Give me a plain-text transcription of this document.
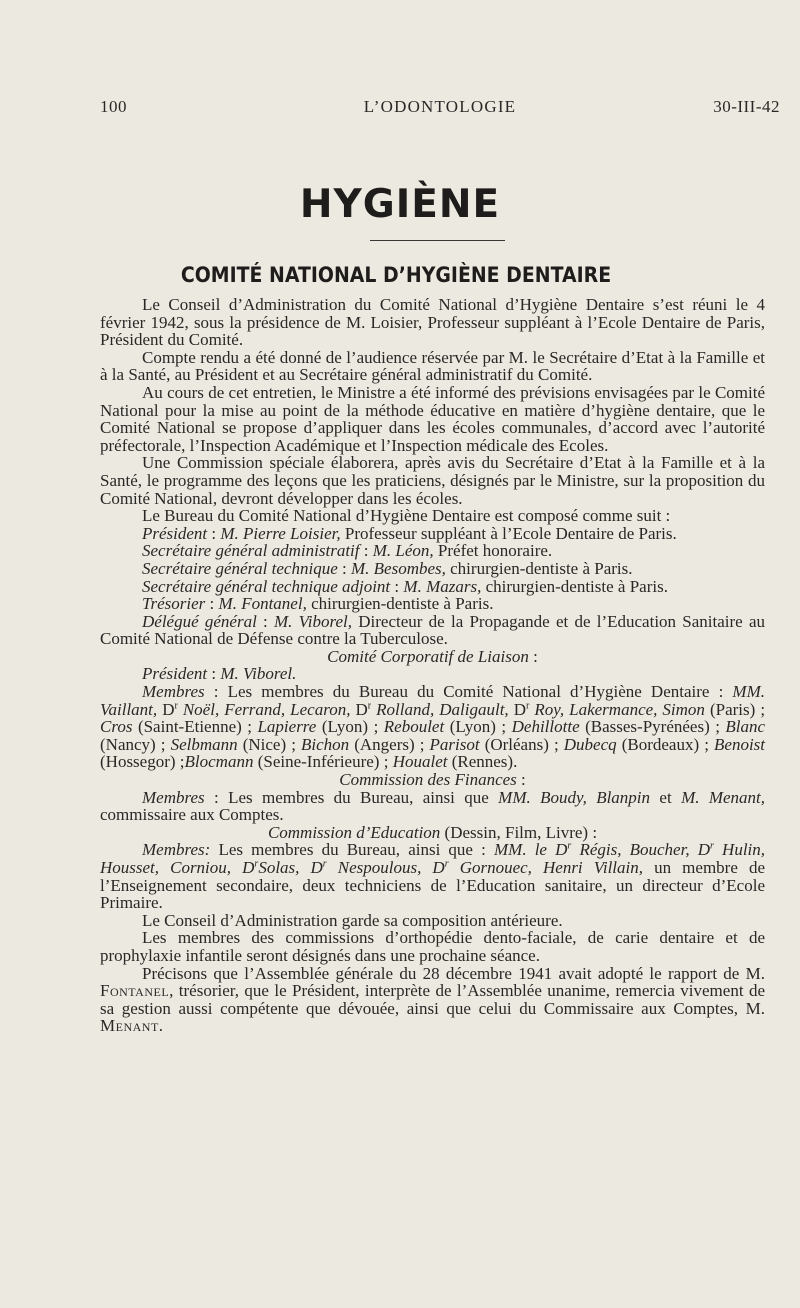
100	L’ODONTOLOGIE	30-III-42
HYGIÈNE
COMITÉ NATIONAL D’HYGIÈNE DENTAIRE

Le Conseil d’Administration du Comité National d’Hygiène Dentaire s’est réuni le 4 février 1942, sous la présidence de M. Loisier, Professeur suppléant à l’Ecole Dentaire de Paris, Président du Comité.

Compte rendu a été donné de l’audience réservée par M. le Secrétaire d’Etat à la Famille et à la Santé, au Président et au Secrétaire général administratif du Comité.

Au cours de cet entretien, le Ministre a été informé des prévisions envisagées par le Comité National pour la mise au point de la méthode éducative en matière d’hygiène dentaire, que le Comité National se propose d’appliquer dans les écoles communales, d’accord avec l’autorité préfectorale, l’Inspection Académique et l’Inspection médicale des Ecoles.

Une Commission spéciale élaborera, après avis du Secrétaire d’Etat à la Famille et à la Santé, le programme des leçons que les praticiens, désignés par le Ministre, sur la proposition du Comité National, devront développer dans les écoles.

Le Bureau du Comité National d’Hygiène Dentaire est composé comme suit :

Président : M. Pierre Loisier, Professeur suppléant à l’Ecole Dentaire de Paris.

Secrétaire général administratif : M. Léon, Préfet honoraire.

Secrétaire général technique : M. Besombes, chirurgien-dentiste à Paris.

Secrétaire général technique adjoint : M. Mazars, chirurgien-dentiste à Paris.

Trésorier : M. Fontanel, chirurgien-dentiste à Paris.

Délégué général : M. Viborel, Directeur de la Propagande et de l’Education Sanitaire au Comité National de Défense contre la Tuberculose.

Comité Corporatif de Liaison :

Président : M. Viborel.

Membres : Les membres du Bureau du Comité National d’Hygiène Dentaire : MM. Vaillant, $D^r$ Noël, Ferrand, Lecaron, $D^r$ Rolland, Daligault, $D^r$ Roy, Lakermance, Simon (Paris) ; Cros (Saint-Etienne) ; Lapierre (Lyon) ; Reboulet (Lyon) ; Dehillotte (Basses-Pyrénées) ; Blanc (Nancy) ; Selbmann (Nice) ; Bichon (Angers) ; Parisot (Orléans) ; Dubecq (Bordeaux) ; Benoist (Hossegor) ;Blocmann (Seine-Inférieure) ; Houalet (Rennes).

Commission des Finances :

Membres : Les membres du Bureau, ainsi que MM. Boudy, Blanpin et M. Menant, commissaire aux Comptes.

Commission d’Education (Dessin, Film, Livre) :

Membres: Les membres du Bureau, ainsi que : MM. le $D^r$ Régis, Boucher, $D^r$ Hulin, Housset, Corniou, $D^rSolas$, $D^r$ Nespoulous, $D^r$ Gornouec, Henri Villain, un membre de l’Enseignement secondaire, deux techniciens de l’Education sanitaire, un directeur d’Ecole Primaire.

Le Conseil d’Administration garde sa composition antérieure.

Les membres des commissions d’orthopédie dento-faciale, de carie dentaire et de prophylaxie infantile seront désignés dans une prochaine séance.

Précisons que l’Assemblée générale du 28 décembre 1941 avait adopté le rapport de M. Fontanel, trésorier, que le Président, interprète de l’Assemblée unanime, remercia vivement de sa gestion aussi compétente que dévouée, ainsi que celui du Commissaire aux Comptes, M. Menant.
